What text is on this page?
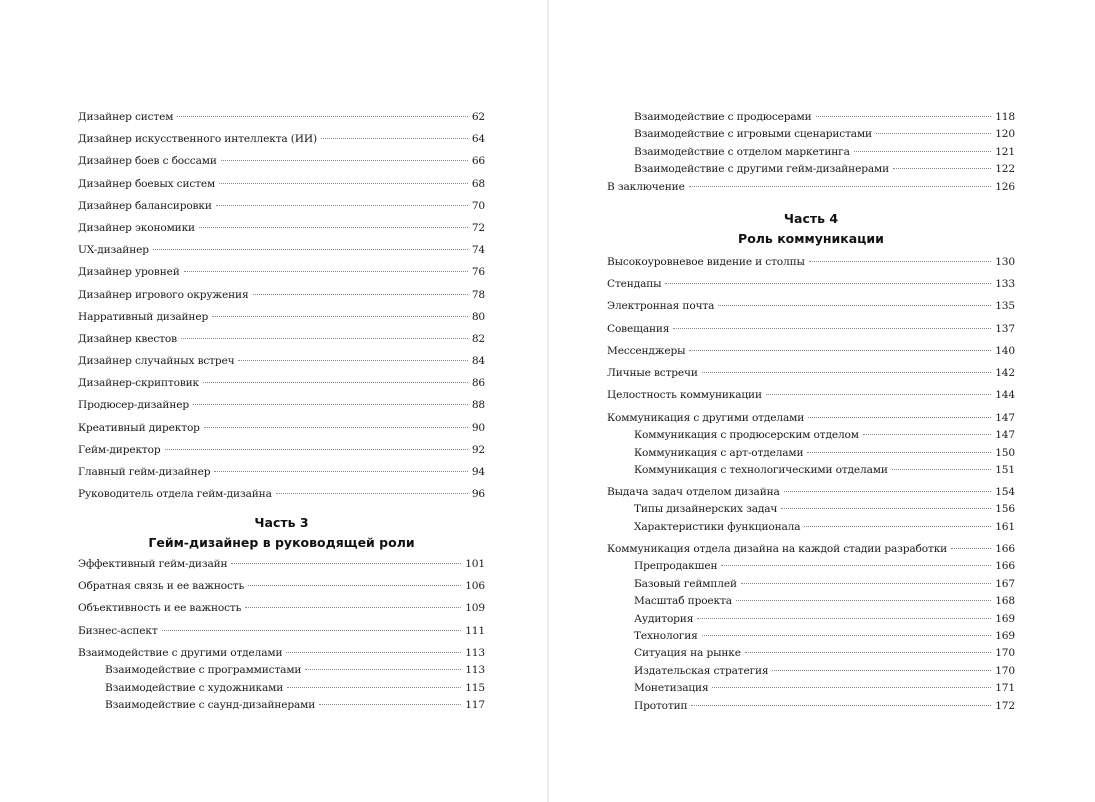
Дизайнер систем	62
Дизайнер искусственного интеллекта (ИИ)	64
Дизайнер боев с боссами	66
Дизайнер боевых систем	68
Дизайнер балансировки	70
Дизайнер экономики	72
UX-дизайнер	74
Дизайнер уровней	76
Дизайнер игрового окружения	78
Нарративный дизайнер	80
Дизайнер квестов	82
Дизайнер случайных встреч	84
Дизайнер-скриптовик	86
Продюсер-дизайнер	88
Креативный директор	90
Гейм-директор	92
Главный гейм-дизайнер	94
Руководитель отдела гейм-дизайна	96
Часть 3
Гейм-дизайнер в руководящей роли
Эффективный гейм-дизайн	101
Обратная связь и ее важность	106
Объективность и ее важность	109
Бизнес-аспект	111
Взаимодействие с другими отделами	113
Взаимодействие с программистами	113
Взаимодействие с художниками	115
Взаимодействие с саунд-дизайнерами	117
Взаимодействие с продюсерами	118
Взаимодействие с игровыми сценаристами	120
Взаимодействие с отделом маркетинга	121
Взаимодействие с другими гейм-дизайнерами	122
В заключение	126
Часть 4
Роль коммуникации
Высокоуровневое видение и столпы	130
Стендапы	133
Электронная почта	135
Совещания	137
Мессенджеры	140
Личные встречи	142
Целостность коммуникации	144
Коммуникация с другими отделами	147
Коммуникация с продюсерским отделом	147
Коммуникация с арт-отделами	150
Коммуникация с технологическими отделами	151
Выдача задач отделом дизайна	154
Типы дизайнерских задач	156
Характеристики функционала	161
Коммуникация отдела дизайна на каждой стадии разработки	166
Препродакшен	166
Базовый геймплей	167
Масштаб проекта	168
Аудитория	169
Технология	169
Ситуация на рынке	170
Издательская стратегия	170
Монетизация	171
Прототип	172
